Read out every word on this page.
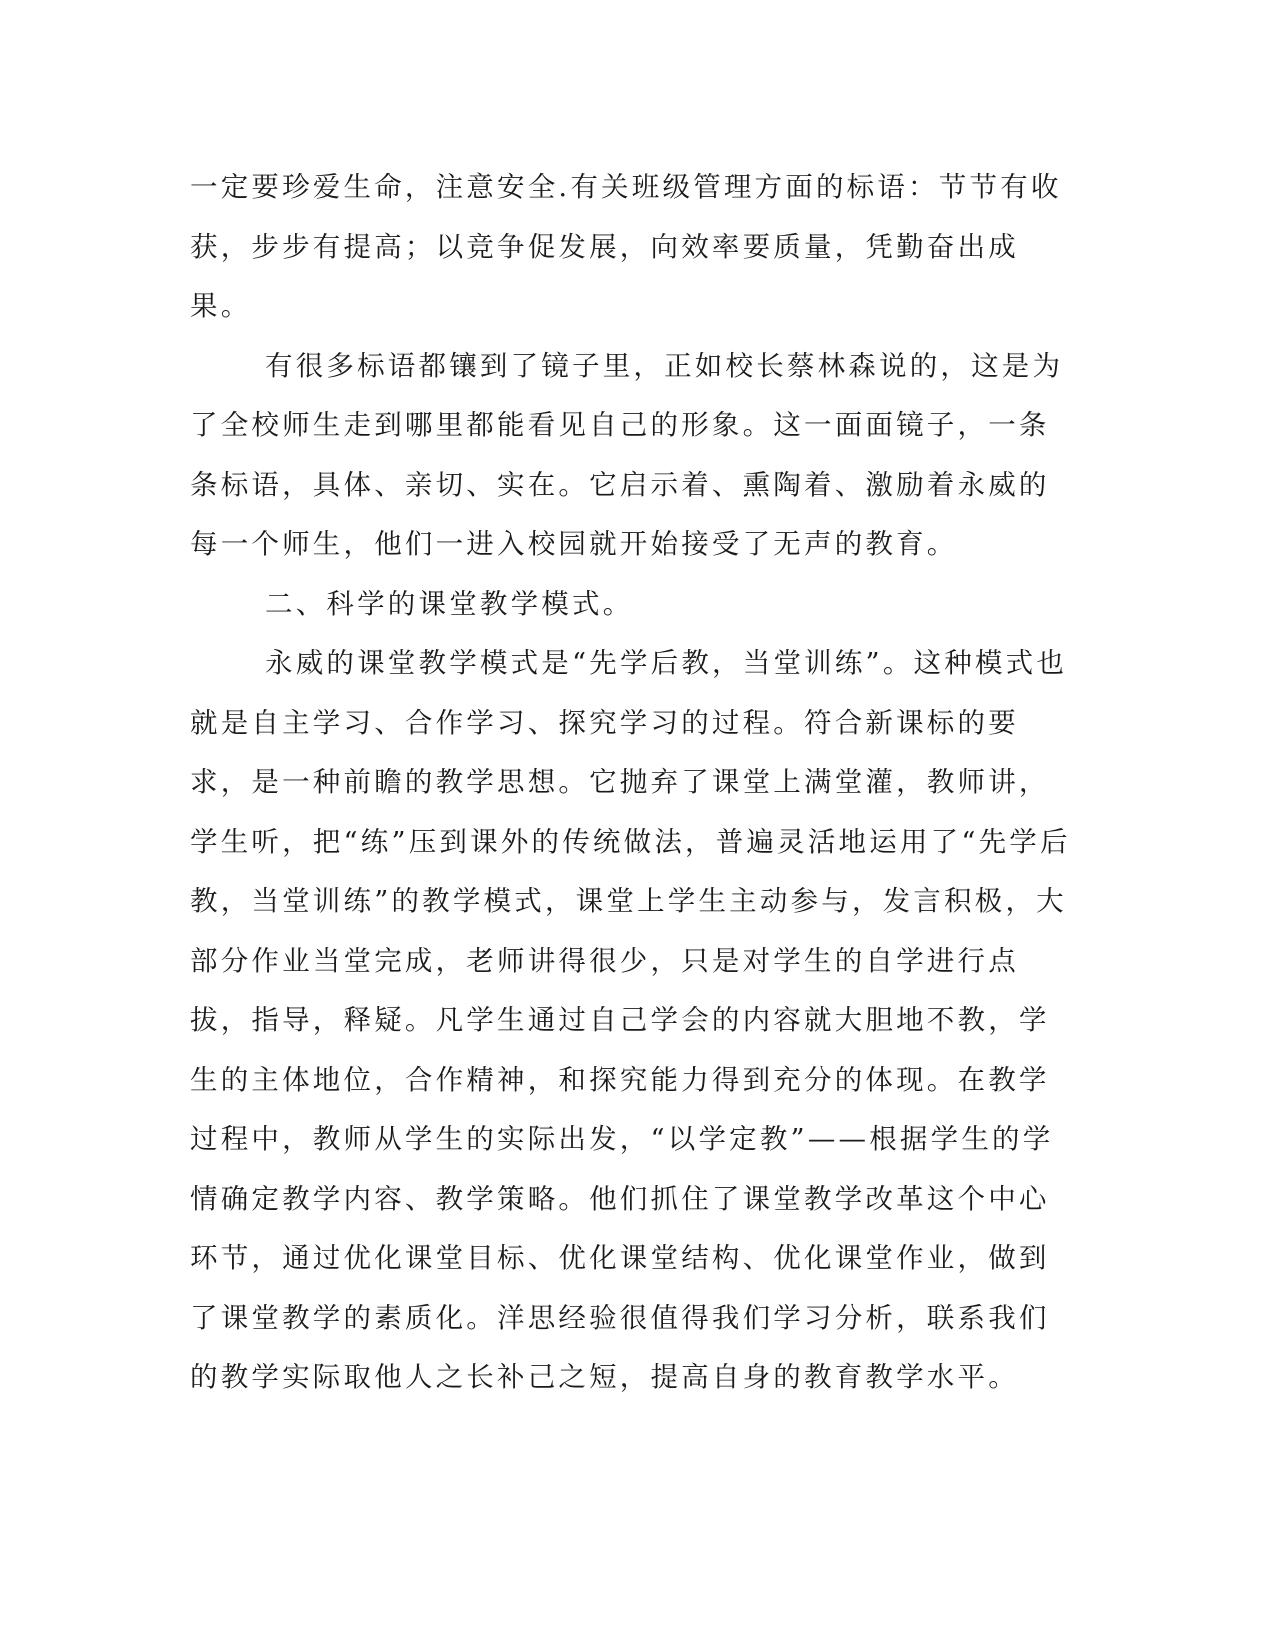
一定要珍爱生命，注意安全.有关班级管理方面的标语：节节有收获，步步有提高；以竞争促发展，向效率要质量，凭勤奋出成果。

有很多标语都镶到了镜子里，正如校长蔡林森说的，这是为了全校师生走到哪里都能看见自己的形象。这一面面镜子，一条条标语，具体、亲切、实在。它启示着、熏陶着、激励着永威的每一个师生，他们一进入校园就开始接受了无声的教育。

二、科学的课堂教学模式。

永威的课堂教学模式是“先学后教，当堂训练”。这种模式也就是自主学习、合作学习、探究学习的过程。符合新课标的要求，是一种前瞻的教学思想。它抛弃了课堂上满堂灌，教师讲，学生听，把“练”压到课外的传统做法，普遍灵活地运用了“先学后教，当堂训练”的教学模式，课堂上学生主动参与，发言积极，大部分作业当堂完成，老师讲得很少，只是对学生的自学进行点拔，指导，释疑。凡学生通过自己学会的内容就大胆地不教，学生的主体地位，合作精神，和探究能力得到充分的体现。在教学过程中，教师从学生的实际出发，“以学定教”——根据学生的学情确定教学内容、教学策略。他们抓住了课堂教学改革这个中心环节，通过优化课堂目标、优化课堂结构、优化课堂作业，做到了课堂教学的素质化。洋思经验很值得我们学习分析，联系我们的教学实际取他人之长补己之短，提高自身的教育教学水平。
